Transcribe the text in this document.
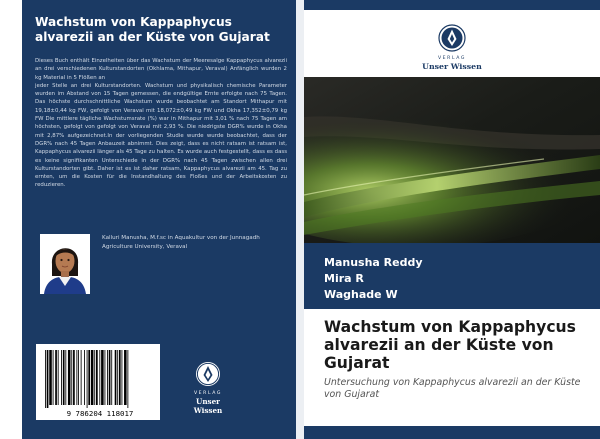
Wachstum von Kappaphycus alvarezii an der Küste von Gujarat
Dieses Buch enthält Einzelheiten über das Wachstum der Meeresalge Kappaphycus alvarezii an drei verschiedenen Kulturstandorten (Okhlama, Mithapur, Veraval) Anfänglich wurden 2 kg Material in 5 Flößen an
jeder Stelle an drei Kulturstandorten. Wachstum und physikalisch chemische Parameter wurden im Abstand von 15 Tagen gemessen, die endgültige Ernte erfolgte nach 75 Tagen. Das höchste durchschnittliche Wachstum wurde beobachtet am Standort Mithapur mit 19,18±0,44 kg FW, gefolgt von Veraval mit 18,072±0,49 kg FW und Okha 17,352±0,79 kg FW Die mittlere tägliche Wachstumsrate (%) war in Mithapur mit 3,01 % nach 75 Tagen am höchsten, gefolgt von gefolgt von Veraval mit 2,93 %. Die niedrigste DGR% wurde in Okha mit 2,87% aufgezeichnet.In der vorliegenden Studie wurde wurde beobachtet, dass der DGR% nach 45 Tagen Anbauzeit abnimmt. Dies zeigt, dass es nicht ratsam ist ratsam ist, Kappaphycus alvarezii länger als 45 Tage zu halten. Es wurde auch festgestellt, dass es dass es keine signifikanten Unterschiede in der DGR% nach 45 Tagen zwischen allen drei Kulturstandorten gibt. Daher ist es ist daher ratsam, Kappaphycus alvarezii am 45. Tag zu ernten, um die Kosten für die Instandhaltung des Floßes und der Arbeitskosten zu reduzieren.
Kalluri Manusha, M.f.sc in Aquakultur von der Junnagadh Agriculture University, Veraval
9 786204 118017
VERLAG
Unser Wissen
VERLAG
Unser Wissen
Manusha Reddy
Mira R
Waghade W
Wachstum von Kappaphycus alvarezii an der Küste von Gujarat
Untersuchung von Kappaphycus alvarezii an der Küste von Gujarat
